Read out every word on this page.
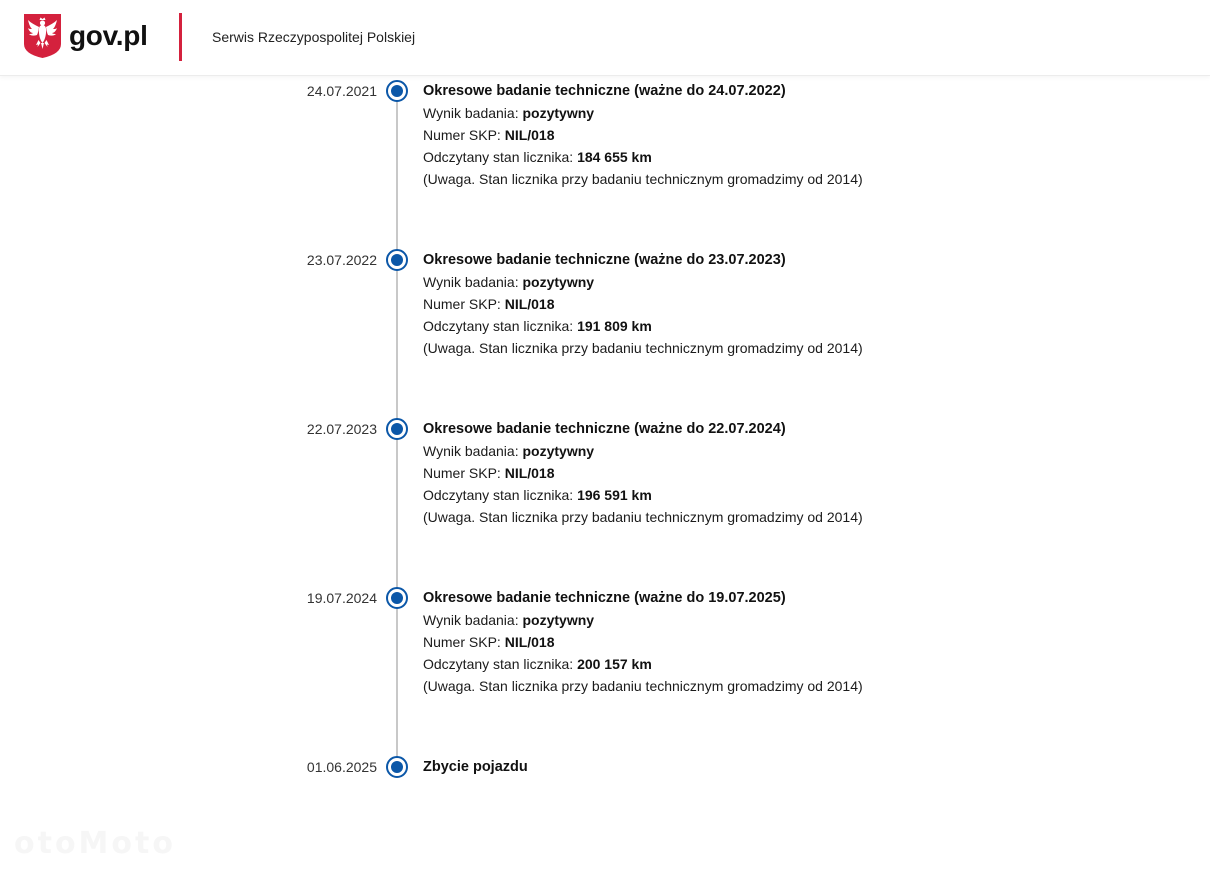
gov.pl	Serwis Rzeczypospolitej Polskiej
24.07.2021	Okresowe badanie techniczne (ważne do 24.07.2022)
Wynik badania: pozytywny
Numer SKP: NIL/018
Odczytany stan licznika: 184 655 km
(Uwaga. Stan licznika przy badaniu technicznym gromadzimy od 2014)
23.07.2022	Okresowe badanie techniczne (ważne do 23.07.2023)
Wynik badania: pozytywny
Numer SKP: NIL/018
Odczytany stan licznika: 191 809 km
(Uwaga. Stan licznika przy badaniu technicznym gromadzimy od 2014)
22.07.2023	Okresowe badanie techniczne (ważne do 22.07.2024)
Wynik badania: pozytywny
Numer SKP: NIL/018
Odczytany stan licznika: 196 591 km
(Uwaga. Stan licznika przy badaniu technicznym gromadzimy od 2014)
19.07.2024	Okresowe badanie techniczne (ważne do 19.07.2025)
Wynik badania: pozytywny
Numer SKP: NIL/018
Odczytany stan licznika: 200 157 km
(Uwaga. Stan licznika przy badaniu technicznym gromadzimy od 2014)
01.06.2025	Zbycie pojazdu
otoMoto
